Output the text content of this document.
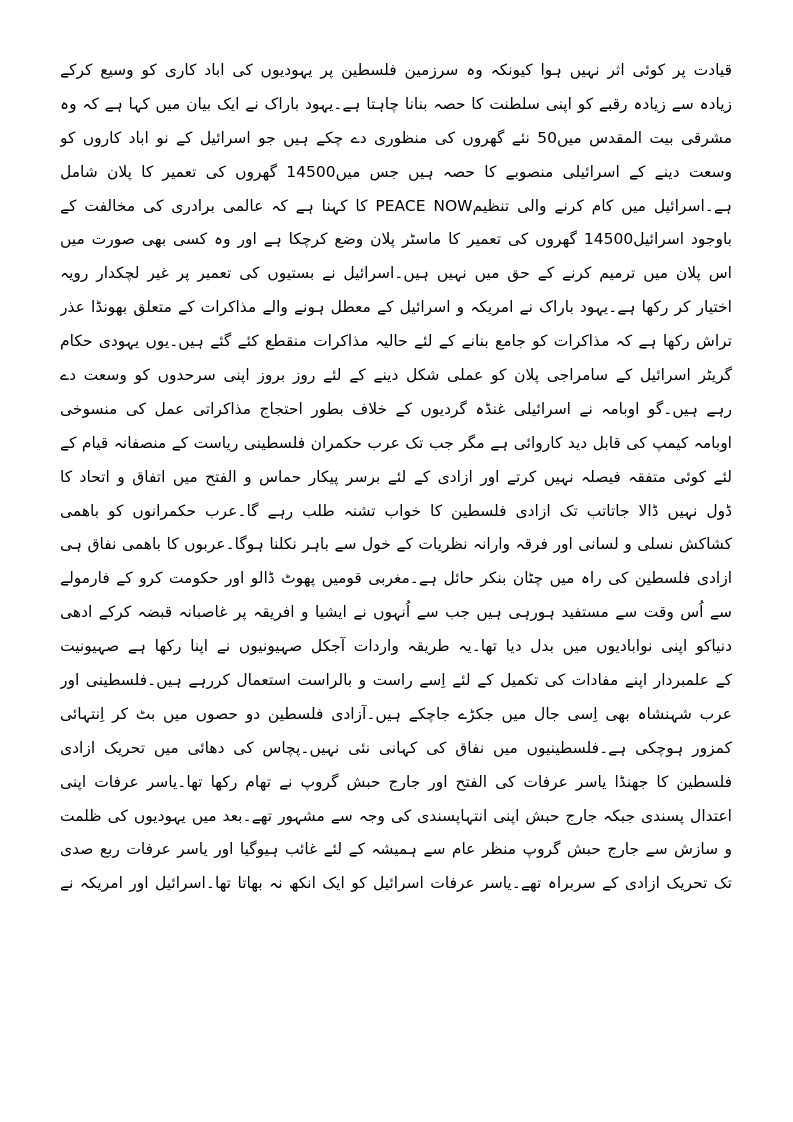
قیادت پر کوئی اثر نہیں ہوا کیونکہ وہ سرزمین فلسطین پر یہودیوں کی اباد کاری کو وسیع کرکے
زیادہ سے زیادہ رقبے کو اپنی سلطنت کا حصہ بنانا چاہتا ہے۔یہود باراک نے ایک بیان میں کہا ہے کہ وہ
مشرقی بیت المقدس میں50 نئے گھروں کی منظوری دے چکے ہیں جو اسرائیل کے نو اباد کاروں کو
وسعت دینے کے اسرائیلی منصوبے کا حصہ ہیں جس میں14500 گھروں کی تعمیر کا پلان شامل
ہے۔اسرائیل میں کام کرنے والی تنظیمPEACE NOW کا کہنا ہے کہ عالمی برادری کی مخالفت کے
باوجود اسرائیل14500 گھروں کی تعمیر کا ماسٹر پلان وضع کرچکا ہے اور وہ کسی بھی صورت میں
اس پلان میں ترمیم کرنے کے حق میں نہیں ہیں۔اسرائیل نے بستیوں کی تعمیر پر غیر لچکدار رویہ
اختیار کر رکھا ہے۔یہود باراک نے امریکہ و اسرائیل کے معطل ہونے والے مذاکرات کے متعلق بھونڈا عذر
تراش رکھا ہے کہ مذاکرات کو جامع بنانے کے لئے حالیہ مذاکرات منقطع کئے گئے ہیں۔یوں یہودی حکام
گریٹر اسرائیل کے سامراجی پلان کو عملی شکل دینے کے لئے روز بروز اپنی سرحدوں کو وسعت دے
رہے ہیں۔گو اوبامہ نے اسرائیلی غنڈہ گردیوں کے خلاف بطور احتجاج مذاکراتی عمل کی منسوخی
اوبامہ کیمپ کی قابل دید کاروائی ہے مگر جب تک عرب حکمران فلسطینی ریاست کے منصفانہ قیام کے
لئے کوئی متفقہ فیصلہ نہیں کرتے اور ازادی کے لئے برسر پیکار حماس و الفتح میں اتفاق و اتحاد کا
ڈول نہیں ڈالا جاتاتب تک ازادی فلسطین کا خواب تشنہ طلب رہے گا۔عرب حکمرانوں کو باھمی
کشاکش نسلی و لسانی اور فرقہ وارانہ نظریات کے خول سے باہر نکلنا ہوگا۔عربوں کا باھمی نفاق ہی
ازادی فلسطین کی راہ میں چٹان بنکر حائل ہے۔مغربی قومیں پھوٹ ڈالو اور حکومت کرو کے فارمولے
سے اُس وقت سے مستفید ہورہی ہیں جب سے اُنہوں نے ایشیا و افریقہ پر غاصبانہ قبضہ کرکے ادھی
دنیاکو اپنی نوابادیوں میں بدل دیا تھا۔یہ طریقہ واردات آجکل صہیونیوں نے اپنا رکھا ہے صہیونیت
کے علمبردار اپنے مفادات کی تکمیل کے لئے اِسے راست و بالراست استعمال کررہے ہیں۔فلسطینی اور
عرب شہنشاہ بھی اِسی جال میں جکڑے جاچکے ہیں۔آزادی فلسطین دو حصوں میں بٹ کر اِنتہائی
کمزور ہوچکی ہے۔فلسطینیوں میں نفاق کی کہانی نئی نہیں۔پچاس کی دھائی میں تحریک ازادی
فلسطین کا جھنڈا یاسر عرفات کی الفتح اور جارج حبش گروپ نے تھام رکھا تھا۔یاسر عرفات اپنی
اعتدال پسندی جبکہ جارج حبش اپنی انتہاپسندی کی وجہ سے مشہور تھے۔بعد میں یہودیوں کی ظلمت
و سازش سے جارج حبش گروپ منظر عام سے ہمیشہ کے لئے غائب ہیوگیا اور یاسر عرفات ربع صدی
تک تحریک ازادی کے سربراہ تھے۔یاسر عرفات اسرائیل کو ایک انکھ نہ بھاتا تھا۔اسرائیل اور امریکہ نے
